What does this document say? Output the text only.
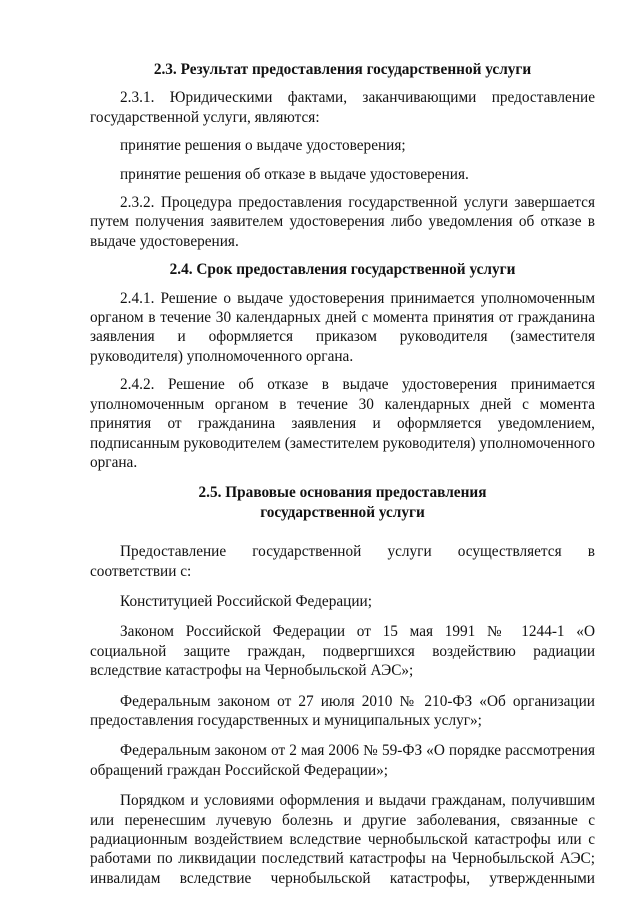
2.3. Результат предоставления государственной услуги

2.3.1. Юридическими фактами, заканчивающими предоставление государственной услуги, являются:

принятие решения о выдаче удостоверения;

принятие решения об отказе в выдаче удостоверения.

2.3.2. Процедура предоставления государственной услуги завершается путем получения заявителем удостоверения либо уведомления об отказе в выдаче удостоверения.

2.4. Срок предоставления государственной услуги

2.4.1. Решение о выдаче удостоверения принимается уполномоченным органом в течение 30 календарных дней с момента принятия от гражданина заявления и оформляется приказом руководителя (заместителя руководителя) уполномоченного органа.

2.4.2. Решение об отказе в выдаче удостоверения принимается уполномоченным органом в течение 30 календарных дней с момента принятия от гражданина заявления и оформляется уведомлением, подписанным руководителем (заместителем руководителя) уполномоченного органа.

2.5. Правовые основания предоставления

государственной услуги

Предоставление государственной услуги осуществляется в соответствии с:

Конституцией Российской Федерации;

Законом Российской Федерации от 15 мая 1991 № 1244-1 «О социальной защите граждан, подвергшихся воздействию радиации вследствие катастрофы на Чернобыльской АЭС»;

Федеральным законом от 27 июля 2010 № 210-ФЗ «Об организации предоставления государственных и муниципальных услуг»;

Федеральным законом от 2 мая 2006 № 59-ФЗ «О порядке рассмотрения обращений граждан Российской Федерации»;

Порядком и условиями оформления и выдачи гражданам, получившим или перенесшим лучевую болезнь и другие заболевания, связанные с радиационным воздействием вследствие чернобыльской катастрофы или с работами по ликвидации последствий катастрофы на Чернобыльской АЭС; инвалидам вследствие чернобыльской катастрофы, утвержденными
